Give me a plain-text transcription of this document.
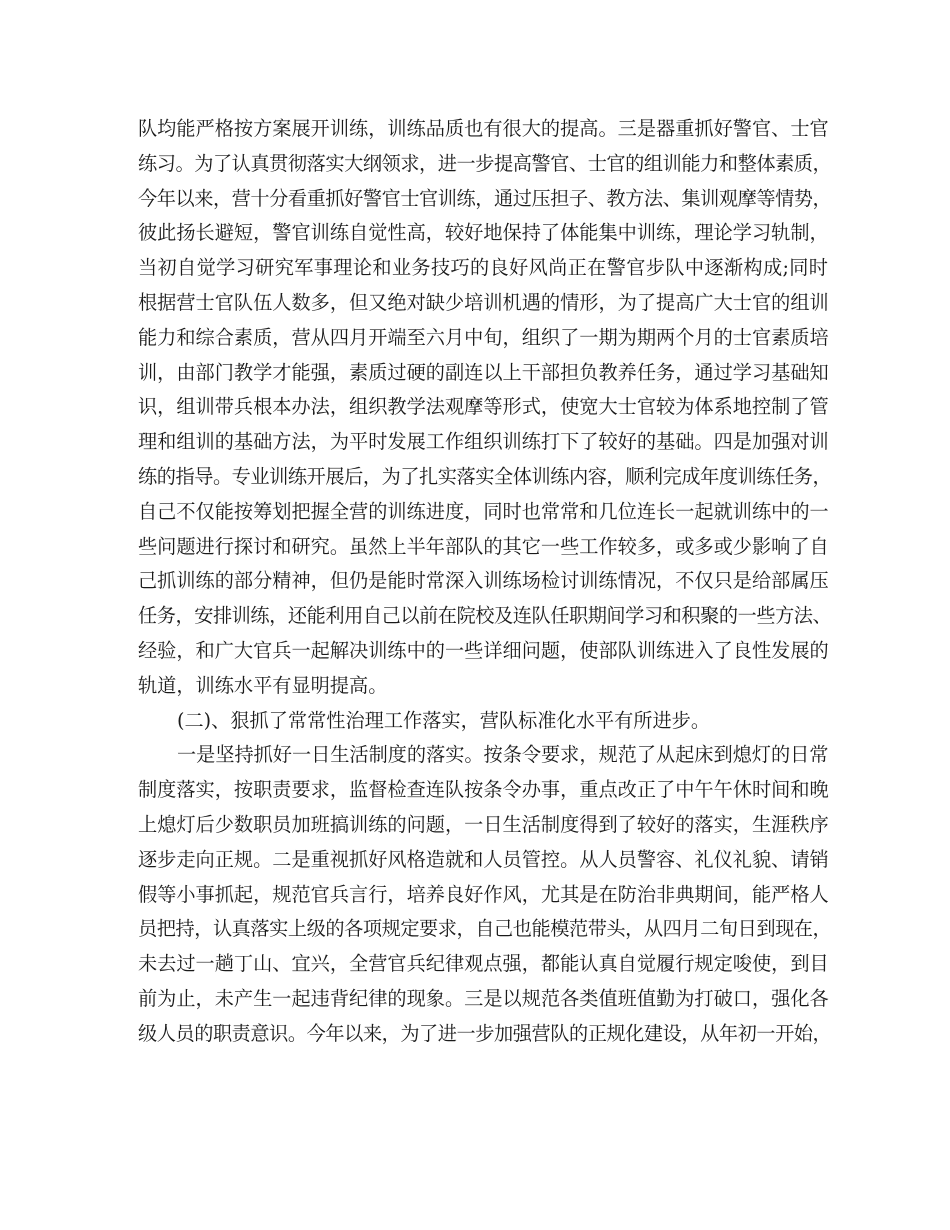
队均能严格按方案展开训练，训练品质也有很大的提高。三是器重抓好警官、士官
练习。为了认真贯彻落实大纲领求，进一步提高警官、士官的组训能力和整体素质，
今年以来，营十分看重抓好警官士官训练，通过压担子、教方法、集训观摩等情势，
彼此扬长避短，警官训练自觉性高，较好地保持了体能集中训练，理论学习轨制，
当初自觉学习研究军事理论和业务技巧的良好风尚正在警官步队中逐渐构成;同时
根据营士官队伍人数多，但又绝对缺少培训机遇的情形，为了提高广大士官的组训
能力和综合素质，营从四月开端至六月中旬，组织了一期为期两个月的士官素质培
训，由部门教学才能强，素质过硬的副连以上干部担负教养任务，通过学习基础知
识，组训带兵根本办法，组织教学法观摩等形式，使宽大士官较为体系地控制了管
理和组训的基础方法，为平时发展工作组织训练打下了较好的基础。四是加强对训
练的指导。专业训练开展后，为了扎实落实全体训练内容，顺利完成年度训练任务，
自己不仅能按筹划把握全营的训练进度，同时也常常和几位连长一起就训练中的一
些问题进行探讨和研究。虽然上半年部队的其它一些工作较多，或多或少影响了自
己抓训练的部分精神，但仍是能时常深入训练场检讨训练情况，不仅只是给部属压
任务，安排训练，还能利用自己以前在院校及连队任职期间学习和积聚的一些方法、
经验，和广大官兵一起解决训练中的一些详细问题，使部队训练进入了良性发展的
轨道，训练水平有显明提高。
(二)、狠抓了常常性治理工作落实，营队标准化水平有所进步。
一是坚持抓好一日生活制度的落实。按条令要求，规范了从起床到熄灯的日常
制度落实，按职责要求，监督检查连队按条令办事，重点改正了中午午休时间和晚
上熄灯后少数职员加班搞训练的问题，一日生活制度得到了较好的落实，生涯秩序
逐步走向正规。二是重视抓好风格造就和人员管控。从人员警容、礼仪礼貌、请销
假等小事抓起，规范官兵言行，培养良好作风，尤其是在防治非典期间，能严格人
员把持，认真落实上级的各项规定要求，自己也能模范带头，从四月二旬日到现在，
未去过一趟丁山、宜兴，全营官兵纪律观点强，都能认真自觉履行规定唆使，到目
前为止，未产生一起违背纪律的现象。三是以规范各类值班值勤为打破口，强化各
级人员的职责意识。今年以来，为了进一步加强营队的正规化建设，从年初一开始，
